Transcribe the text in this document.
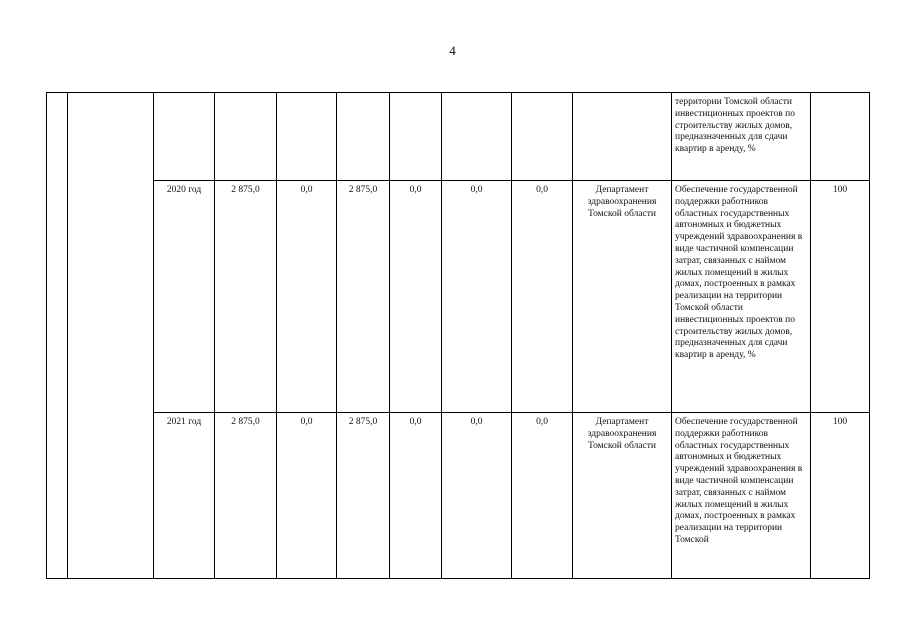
4
										территории Томской области инвестиционных проектов по строительству жилых домов, предназначенных для сдачи квартир в аренду, %	
		2020 год	2 875,0	0,0	2 875,0	0,0	0,0	0,0	Департамент здравоохранения Томской области	Обеспечение государственной поддержки работников областных государственных автономных и бюджетных учреждений здравоохранения в виде частичной компенсации затрат, связанных с наймом жилых помещений в жилых домах, построенных в рамках реализации на территории Томской области инвестиционных проектов по строительству жилых домов, предназначенных для сдачи квартир в аренду, %	100
		2021 год	2 875,0	0,0	2 875,0	0,0	0,0	0,0	Департамент здравоохранения Томской области	Обеспечение государственной поддержки работников областных государственных автономных и бюджетных учреждений здравоохранения в виде частичной компенсации затрат, связанных с наймом жилых помещений в жилых домах, построенных в рамках реализации на территории Томской	100
